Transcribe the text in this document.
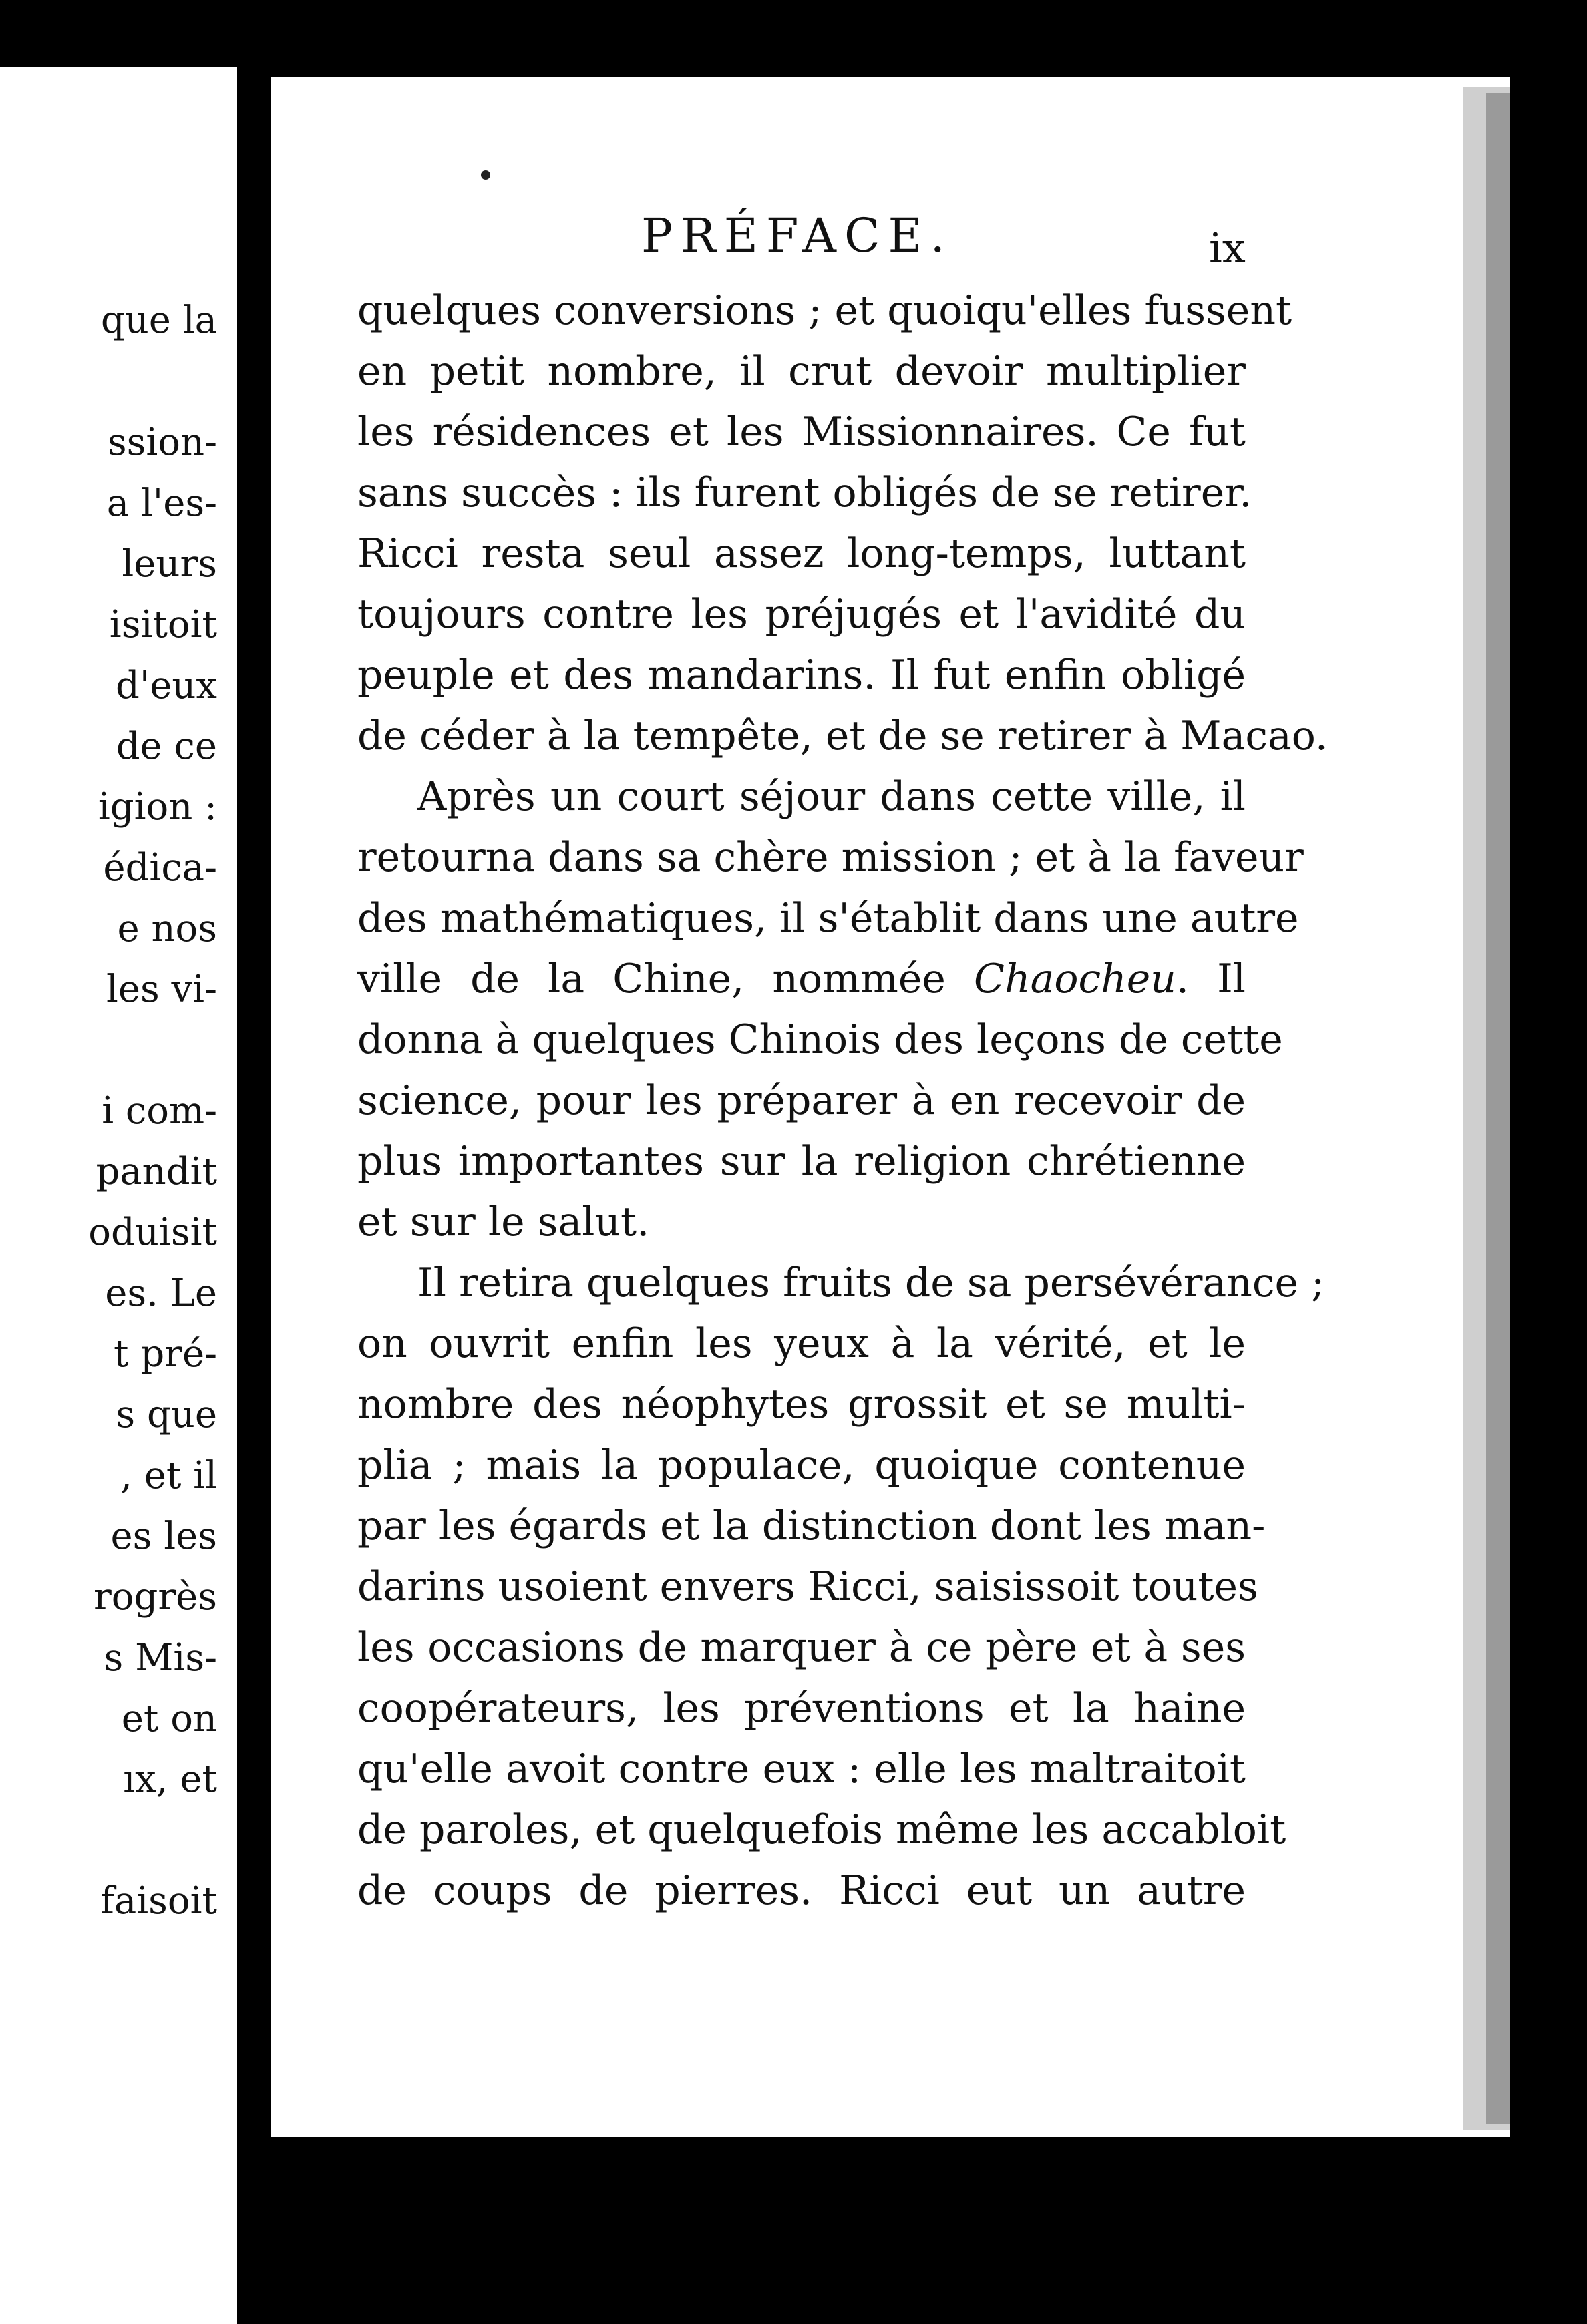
que la
ssion-
a l'es-
leurs
isitoit
d'eux
de ce
igion :
édica-
e nos
les vi-
i com-
pandit
oduisit
es. Le
t pré-
s que
, et il
es les
rogrès
s Mis-
et on
ıx, et
faisoit
PRÉFACE.	ix
quelques conversions ; et quoiqu'elles fussent
en petit nombre, il crut devoir multiplier
les résidences et les Missionnaires. Ce fut
sans succès : ils furent obligés de se retirer.
Ricci resta seul assez long-temps, luttant
toujours contre les préjugés et l'avidité du
peuple et des mandarins. Il fut enfin obligé
de céder à la tempête, et de se retirer à Macao.
Après un court séjour dans cette ville, il
retourna dans sa chère mission ; et à la faveur
des mathématiques, il s'établit dans une autre
ville de la Chine, nommée Chaocheu. Il
donna à quelques Chinois des leçons de cette
science, pour les préparer à en recevoir de
plus importantes sur la religion chrétienne
et sur le salut.
Il retira quelques fruits de sa persévérance ;
on ouvrit enfin les yeux à la vérité, et le
nombre des néophytes grossit et se multi-
plia ; mais la populace, quoique contenue
par les égards et la distinction dont les man-
darins usoient envers Ricci, saisissoit toutes
les occasions de marquer à ce père et à ses
coopérateurs, les préventions et la haine
qu'elle avoit contre eux : elle les maltraitoit
de paroles, et quelquefois même les accabloit
de coups de pierres. Ricci eut un autre
